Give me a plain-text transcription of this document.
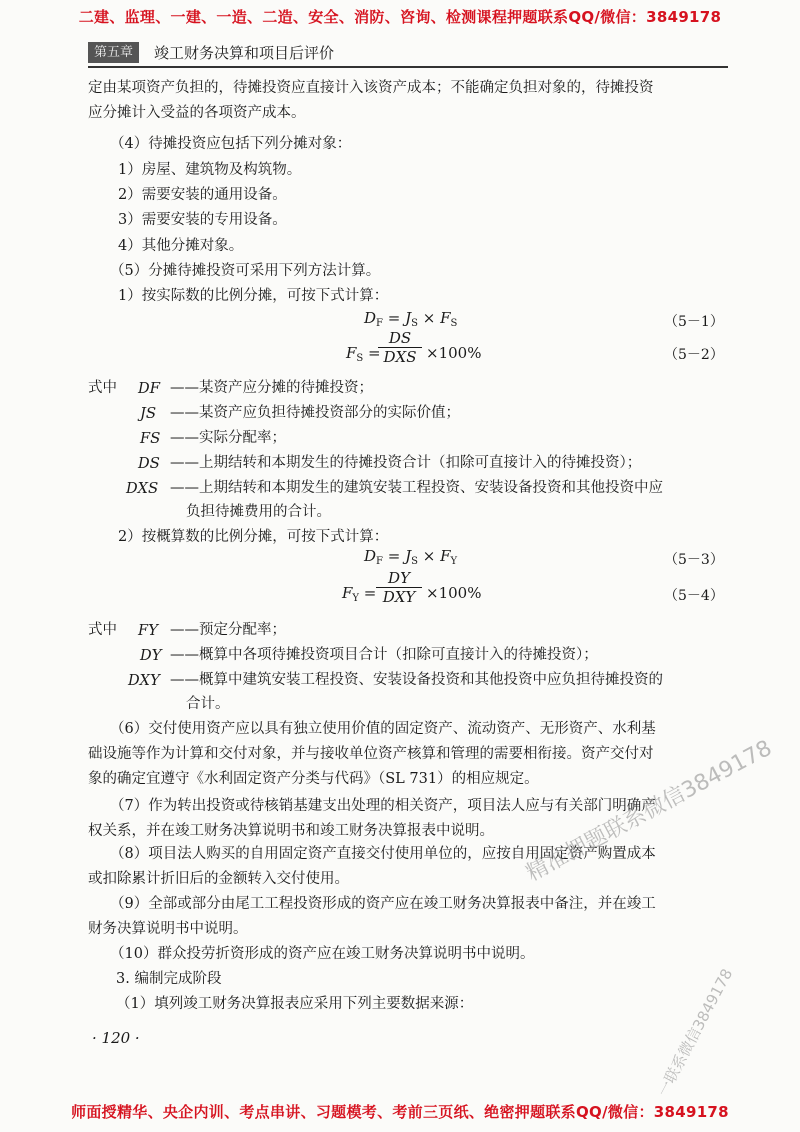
二建、监理、一建、一造、二造、安全、消防、咨询、检测课程押题联系QQ/微信：3849178
第五章	竣工财务决算和项目后评价
定由某项资产负担的，待摊投资应直接计入该资产成本；不能确定负担对象的，待摊投资
应分摊计入受益的各项资产成本。
（4）待摊投资应包括下列分摊对象：
1）房屋、建筑物及构筑物。
2）需要安装的通用设备。
3）需要安装的专用设备。
4）其他分摊对象。
（5）分摊待摊投资可采用下列方法计算。
1）按实际数的比例分摊，可按下式计算：
$D_F = J_S \times F_S$	（5－1）
$F_S$ =
DS
DXS ×100%	（5－2）
式中 DF ——某资产应分摊的待摊投资；
JS ——某资产应负担待摊投资部分的实际价值；
FS ——实际分配率；
DS ——上期结转和本期发生的待摊投资合计（扣除可直接计入的待摊投资）；
DXS ——上期结转和本期发生的建筑安装工程投资、安装设备投资和其他投资中应
负担待摊费用的合计。
2）按概算数的比例分摊，可按下式计算：
$D_F = J_S \times F_Y$	（5－3）
$F_Y$ =
DY
DXY ×100%	（5－4）
式中 FY ——预定分配率；
DY ——概算中各项待摊投资项目合计（扣除可直接计入的待摊投资）；
DXY ——概算中建筑安装工程投资、安装设备投资和其他投资中应负担待摊投资的
合计。
（6）交付使用资产应以具有独立使用价值的固定资产、流动资产、无形资产、水利基
础设施等作为计算和交付对象，并与接收单位资产核算和管理的需要相衔接。资产交付对
象的确定宜遵守《水利固定资产分类与代码》（SL 731）的相应规定。
（7）作为转出投资或待核销基建支出处理的相关资产，项目法人应与有关部门明确产
权关系，并在竣工财务决算说明书和竣工财务决算报表中说明。
（8）项目法人购买的自用固定资产直接交付使用单位的，应按自用固定资产购置成本
或扣除累计折旧后的金额转入交付使用。
（9）全部或部分由尾工工程投资形成的资产应在竣工财务决算报表中备注，并在竣工
财务决算说明书中说明。
（10）群众投劳折资形成的资产应在竣工财务决算说明书中说明。
3. 编制完成阶段
（1）填列竣工财务决算报表应采用下列主要数据来源：
· 120 ·
精准押题联系微信3849178
一联系微信3849178
师面授精华、央企内训、考点串讲、习题模考、考前三页纸、绝密押题联系QQ/微信：3849178
